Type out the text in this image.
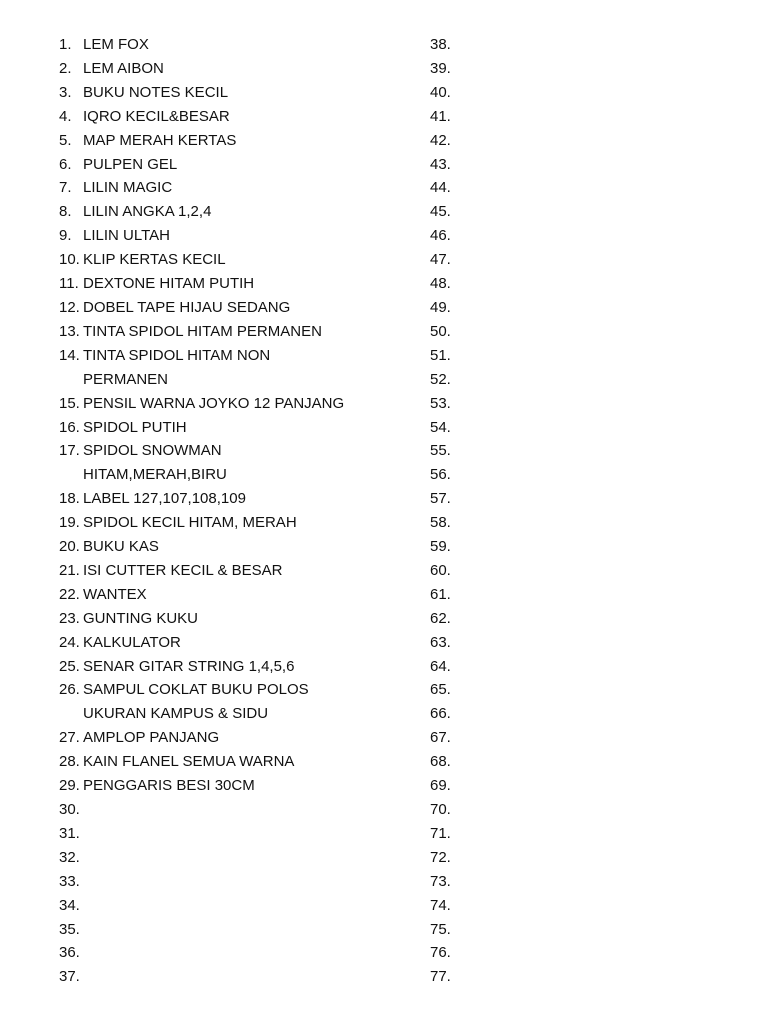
1. LEM FOX
2. LEM AIBON
3. BUKU NOTES KECIL
4. IQRO KECIL&BESAR
5. MAP MERAH KERTAS
6. PULPEN GEL
7. LILIN MAGIC
8. LILIN ANGKA 1,2,4
9. LILIN ULTAH
10. KLIP KERTAS KECIL
11. DEXTONE HITAM PUTIH
12. DOBEL TAPE HIJAU SEDANG
13. TINTA SPIDOL HITAM PERMANEN
14. TINTA SPIDOL HITAM NON
PERMANEN
15. PENSIL WARNA JOYKO 12 PANJANG
16. SPIDOL PUTIH
17. SPIDOL SNOWMAN
HITAM,MERAH,BIRU
18. LABEL 127,107,108,109
19. SPIDOL KECIL HITAM, MERAH
20. BUKU KAS
21. ISI CUTTER KECIL & BESAR
22. WANTEX
23. GUNTING KUKU
24. KALKULATOR
25. SENAR GITAR STRING 1,4,5,6
26. SAMPUL COKLAT BUKU POLOS
UKURAN KAMPUS & SIDU
27. AMPLOP PANJANG
28. KAIN FLANEL SEMUA WARNA
29. PENGGARIS BESI 30CM
30.

31.

32.

33.

34.

35.

36.

37.

38.

39.

40.

41.

42.

43.

44.

45.

46.

47.

48.

49.

50.

51.

52.

53.

54.

55.

56.

57.

58.

59.

60.

61.

62.

63.

64.

65.

66.

67.

68.

69.

70.

71.

72.

73.

74.

75.

76.

77.
